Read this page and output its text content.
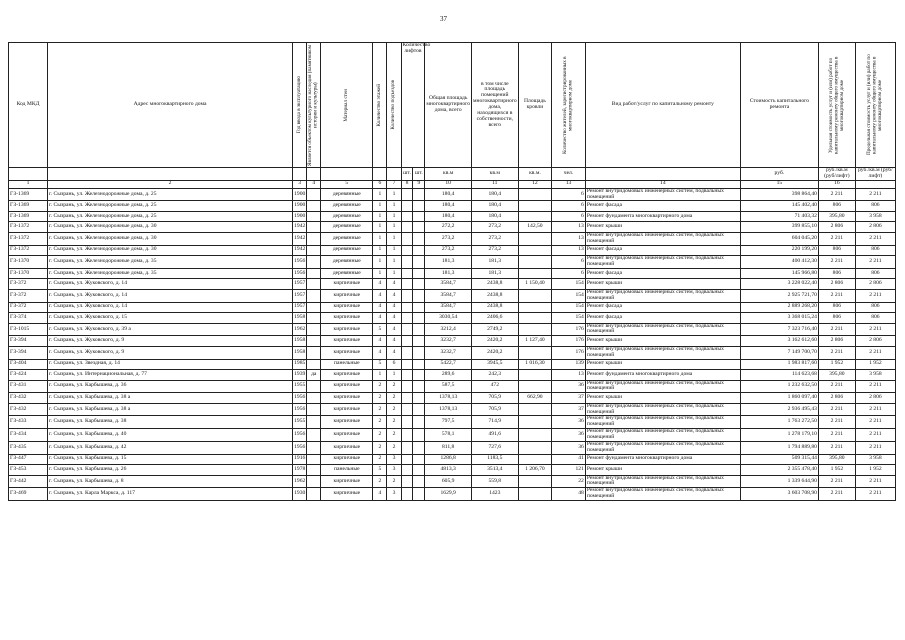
37
Код МКД	Адрес многоквартирного дома	Год ввода в эксплуатацию	Является объектом культурного наследия (памятником истории и культуры)	Материал стен	Количество этажей	Количество подъездов	Количество лифтов		Общая площадь многоквартирного дома, всего	в том числе площадь помещений многоквартирного дома, находящихся в собственности, всего	Площадь кровли	Количество жителей, зарегистрированных в многоквартирном доме	Вид работ/услуг по капитальному ремонту	Стоимость капитального ремонта	Удельная стоимость услуг и (или) работ по капитальному ремонту общего имущества в многоквартирном доме	Предельная стоимость услуг и (или) работ по капитальному ремонту общего имущества в многоквартирном доме

							шт.	шт.	кв.м	кв.м	кв.м.	чел.		руб.	руб./кв.м (руб/лифт)	руб./кв.м (руб/лифт)
1	2	3	4	5	6	7	8	9	10	11	12	13	14	15	16	
ГЗ-1369	г. Сызрань, ул. Железнодорожные дома, д. 25	1900		деревянные	1	1			180,4	180,4		6	Ремонт внутридомовых инженерных систем, подвальных помещений	398 864,40	2 211	2 211
ГЗ-1369	г. Сызрань, ул. Железнодорожные дома, д. 25	1900		деревянные	1	1			180,4	180,4		6	Ремонт фасада	145 402,40	806	806
ГЗ-1369	г. Сызрань, ул. Железнодорожные дома, д. 25	1900		деревянные	1	1			180,4	180,4		6	Ремонт фундамента многоквартирного дома	71 403,32	395,80	3 958
ГЗ-1372	г. Сызрань, ул. Железнодорожные дома, д. 30	1942		деревянные	1	1			272,2	273,2	142,50	13	Ремонт крыши	399 855,10	2 806	2 806
ГЗ-1372	г. Сызрань, ул. Железнодорожные дома, д. 30	1942		деревянные	1	1			273,2	273,2		13	Ремонт внутридомовых инженерных систем, подвальных помещений	604 045,20	2 211	2 211
ГЗ-1372	г. Сызрань, ул. Железнодорожные дома, д. 30	1942		деревянные	1	1			273,2	273,2		13	Ремонт фасада	220 199,20	806	806
ГЗ-1370	г. Сызрань, ул. Железнодорожные дома, д. 35	1956		деревянные	1	1			181,3	181,3		6	Ремонт внутридомовых инженерных систем, подвальных помещений	400 412,30	2 211	2 211
ГЗ-1370	г. Сызрань, ул. Железнодорожные дома, д. 35	1956		деревянные	1	1			181,3	181,3		6	Ремонт фасада	145 966,80	806	806
ГЗ-372	г. Сызрань, ул. Жуковского, д. 14	1957		кирпичные	4	4			3584,7	2438,8	1 150,40	154	Ремонт крыши	3 228 022,40	2 806	2 806
ГЗ-372	г. Сызрань, ул. Жуковского, д. 14	1957		кирпичные	4	4			3584,7	2438,8		154	Ремонт внутридомовых инженерных систем, подвальных помещений	2 925 721,70	2 211	2 211
ГЗ-372	г. Сызрань, ул. Жуковского, д. 14	1957		кирпичные	4	4			3584,7	2438,8		154	Ремонт фасада	2 889 268,20	806	806
ГЗ-374	г. Сызрань, ул. Жуковского, д. 15	1958		кирпичные	4	4			3030,54	2406,6		154	Ремонт фасада	3 368 015,24	806	806
ГЗ-1015	г. Сызрань, ул. Жуковского, д. 39 а	1962		кирпичные	5	4			3212,4	2749,2		176	Ремонт внутридомовых инженерных систем, подвальных помещений	7 323 716,40	2 211	2 211
ГЗ-394	г. Сызрань, ул. Жуковского, д. 9	1958		кирпичные	4	4			3232,7	2420,2	1 127,40	176	Ремонт крыши	3 162 612,60	2 806	2 806
ГЗ-394	г. Сызрань, ул. Жуковского, д. 9	1958		кирпичные	4	4			3232,7	2420,2		176	Ремонт внутридомовых инженерных систем, подвальных помещений	7 149 700,70	2 211	2 211
ГЗ-404	г. Сызрань, ул. Звездная, д. 14	1985		панельные	5	6			5422,7	3945,5	1 016,30	139	Ремонт крыши	1 983 817,60	1 952	1 952
ГЗ-424	г. Сызрань, ул. Интернациональная, д. 77	1939	да	кирпичные	1	1			289,6	242,3		13	Ремонт фундамента многоквартирного дома	114 623,68	395,80	3 958
ГЗ-431	г. Сызрань, ул. Карбышева, д. 36	1955		кирпичные	2	2			587,5	472		36	Ремонт внутридомовых инженерных систем, подвальных помещений	1 232 632,50	2 211	2 211
ГЗ-432	г. Сызрань, ул. Карбышева, д. 38 а	1956		кирпичные	2	2			1378,13	705,9	662,90	37	Ремонт крыши	1 860 097,40	2 806	2 806
ГЗ-432	г. Сызрань, ул. Карбышева, д. 38 а	1956		кирпичные	2	2			1378,13	705,9		37	Ремонт внутридомовых инженерных систем, подвальных помещений	2 936 495,43	2 211	2 211
ГЗ-433	г. Сызрань, ул. Карбышева, д. 38	1955		кирпичные	2	2			797,5	714,9		36	Ремонт внутридомовых инженерных систем, подвальных помещений	1 763 272,50	2 211	2 211
ГЗ-434	г. Сызрань, ул. Карбышева, д. 40	1956		кирпичные	2	2			578,1	491,6		36	Ремонт внутридомовых инженерных систем, подвальных помещений	1 278 179,10	2 211	2 211
ГЗ-435	г. Сызрань, ул. Карбышева, д. 42	1956		кирпичные	2	2			811,8	727,6		36	Ремонт внутридомовых инженерных систем, подвальных помещений	1 794 889,80	2 211	2 211
ГЗ-447	г. Сызрань, ул. Карбышева, д. 15	1916		кирпичные	2	3			1286,8	1183,5		41	Ремонт фундамента многоквартирного дома	509 315,44	395,80	3 958
ГЗ-453	г. Сызрань, ул. Карбышева, д. 26	1978		панельные	5	3			4813,3	3513,4	1 206,70	121	Ремонт крыши	2 355 478,40	1 952	1 952
ГЗ-442	г. Сызрань, ул. Карбышева, д. 8	1962		кирпичные	2	2			605,9	559,8		22	Ремонт внутридомовых инженерных систем, подвальных помещений	1 339 644,90	2 211	2 211
ГЗ-469	г. Сызрань, ул. Карла Маркса, д. 117	1930		кирпичные	4	3			1629,9	1423		48	Ремонт внутридомовых инженерных систем, подвальных помещений	3 603 708,90	2 211	2 211
